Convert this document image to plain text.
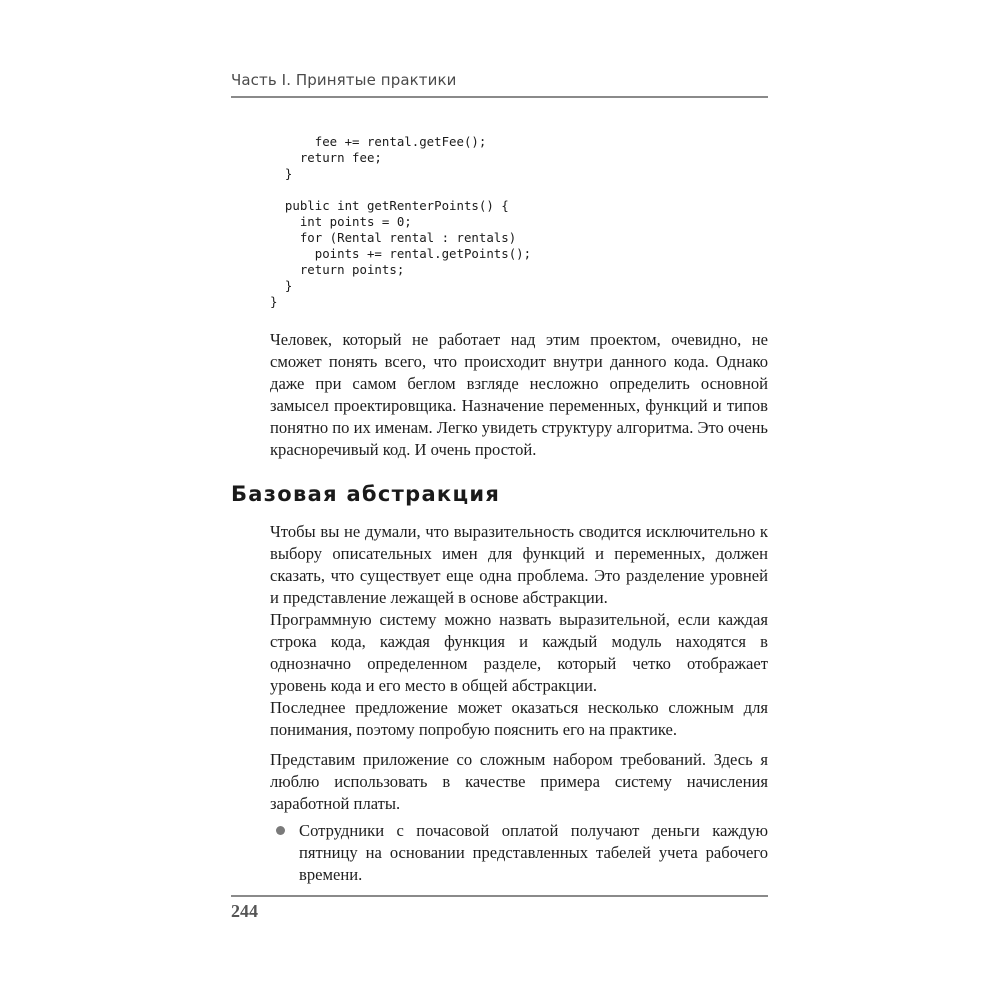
Часть I. Принятые практики
fee += rental.getFee();
return fee;
}
public int getRenterPoints() {
int points = 0;
for (Rental rental : rentals)
points += rental.getPoints();
return points;
}
}

Человек, который не работает над этим проектом, очевидно, не сможет понять всего, что происходит внутри данного кода. Однако даже при самом беглом взгляде несложно определить основной замысел проектировщика. Назначение переменных, функций и типов понятно по их именам. Легко увидеть структуру алгоритма. Это очень красноречивый код. И очень простой.

Базовая абстракция

Чтобы вы не думали, что выразительность сводится исключительно к выбору описательных имен для функций и переменных, должен сказать, что существует еще одна проблема. Это разделение уровней и представление лежащей в основе абстракции.

Программную систему можно назвать выразительной, если каждая строка кода, каждая функция и каждый модуль находятся в однозначно определенном разделе, который четко отображает уровень кода и его место в общей абстракции.

Последнее предложение может оказаться несколько сложным для понимания, поэтому попробую пояснить его на практике.

Представим приложение со сложным набором требований. Здесь я люблю использовать в качестве примера систему начисления заработной платы.

Сотрудники с почасовой оплатой получают деньги каждую пятницу на основании представленных табелей учета рабочего времени.
244
